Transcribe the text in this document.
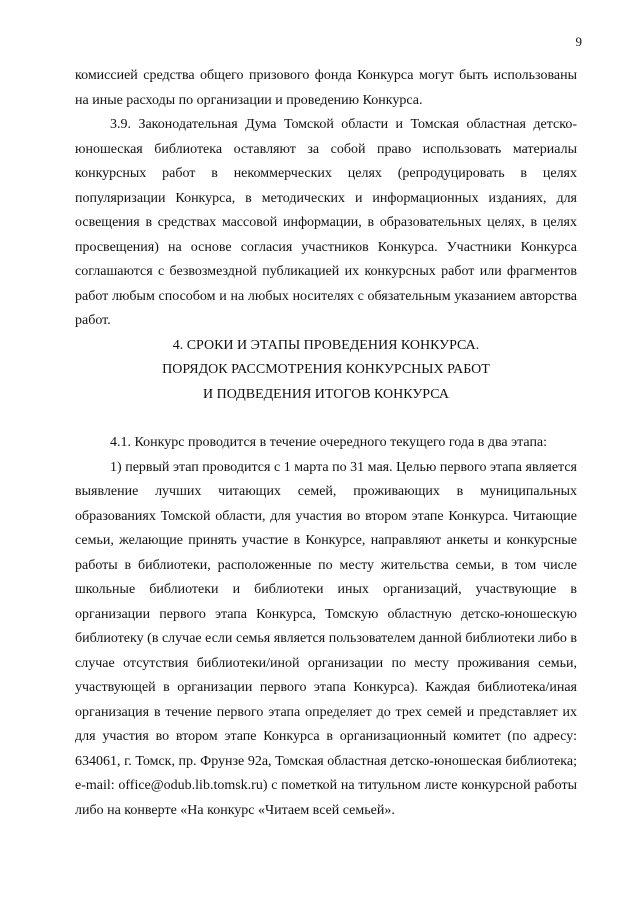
9

комиссией средства общего призового фонда Конкурса могут быть использованы на иные расходы по организации и проведению Конкурса.

3.9. Законодательная Дума Томской области и Томская областная детско-юношеская библиотека оставляют за собой право использовать материалы конкурсных работ в некоммерческих целях (репродуцировать в целях популяризации Конкурса, в методических и информационных изданиях, для освещения в средствах массовой информации, в образовательных целях, в целях просвещения) на основе согласия участников Конкурса. Участники Конкурса соглашаются с безвозмездной публикацией их конкурсных работ или фрагментов работ любым способом и на любых носителях с обязательным указанием авторства работ.

4. СРОКИ И ЭТАПЫ ПРОВЕДЕНИЯ КОНКУРСА.
ПОРЯДОК РАССМОТРЕНИЯ КОНКУРСНЫХ РАБОТ
И ПОДВЕДЕНИЯ ИТОГОВ КОНКУРСА

4.1. Конкурс проводится в течение очередного текущего года в два этапа:

1) первый этап проводится с 1 марта по 31 мая. Целью первого этапа является выявление лучших читающих семей, проживающих в муниципальных образованиях Томской области, для участия во втором этапе Конкурса. Читающие семьи, желающие принять участие в Конкурсе, направляют анкеты и конкурсные работы в библиотеки, расположенные по месту жительства семьи, в том числе школьные библиотеки и библиотеки иных организаций, участвующие в организации первого этапа Конкурса, Томскую областную детско-юношескую библиотеку (в случае если семья является пользователем данной библиотеки либо в случае отсутствия библиотеки/иной организации по месту проживания семьи, участвующей в организации первого этапа Конкурса). Каждая библиотека/иная организация в течение первого этапа определяет до трех семей и представляет их для участия во втором этапе Конкурса в организационный комитет (по адресу: 634061, г. Томск, пр. Фрунзе 92а, Томская областная детско-юношеская библиотека; e-mail: office@odub.lib.tomsk.ru) с пометкой на титульном листе конкурсной работы либо на конверте «На конкурс «Читаем всей семьей».
